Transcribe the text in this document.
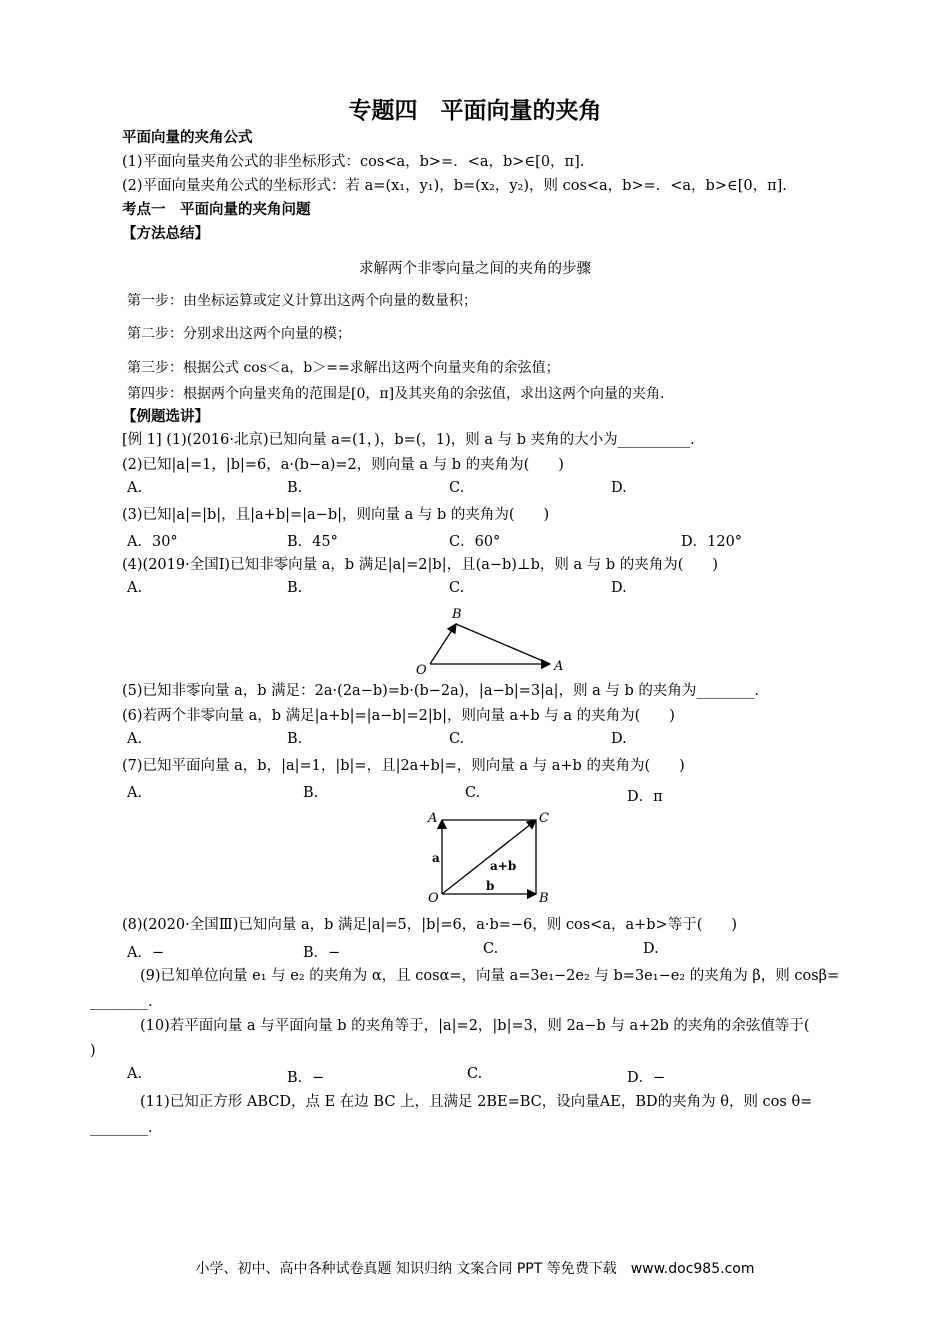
专题四　平面向量的夹角
平面向量的夹角公式
(1)平面向量夹角公式的非坐标形式：cos<a，b>=．<a，b>∈[0，π].
(2)平面向量夹角公式的坐标形式：若 a=(x₁，y₁)，b=(x₂，y₂)，则 cos<a，b>=．<a，b>∈[0，π].
考点一　平面向量的夹角问题
【方法总结】
求解两个非零向量之间的夹角的步骤
第一步：由坐标运算或定义计算出这两个向量的数量积；
第二步：分别求出这两个向量的模；
第三步：根据公式 cos＜a，b＞==求解出这两个向量夹角的余弦值；
第四步：根据两个向量夹角的范围是[0，π]及其夹角的余弦值，求出这两个向量的夹角.
【例题选讲】
[例 1] (1)(2016·北京)已知向量 a=(1，)，b=(，1)，则 a 与 b 夹角的大小为__________.
(2)已知|a|=1，|b|=6，a·(b−a)=2，则向量 a 与 b 的夹角为(　　)
A.	B.	C.	D.
(3)已知|a|=|b|，且|a+b|=|a−b|，则向量 a 与 b 的夹角为(　　)
A．30°	B．45°	C．60°	D．120°
(4)(2019·全国Ⅰ)已知非零向量 a，b 满足|a|=2|b|，且(a−b)⊥b，则 a 与 b 的夹角为(　　)
A.	B.	C.	D.
B
O	A
(5)已知非零向量 a，b 满足：2a·(2a−b)=b·(b−2a)，|a−b|=3|a|，则 a 与 b 的夹角为________.
(6)若两个非零向量 a，b 满足|a+b|=|a−b|=2|b|，则向量 a+b 与 a 的夹角为(　　)
A.	B.	C.	D.
(7)已知平面向量 a，b，|a|=1，|b|=，且|2a+b|=，则向量 a 与 a+b 的夹角为(　　)
A.	B.	C.	D．π
A	C
O	B
a
b
a+b
(8)(2020·全国Ⅲ)已知向量 a，b 满足|a|=5，|b|=6，a·b=−6，则 cos<a，a+b>等于(　　)
A．−	B．−	C.	D.
(9)已知单位向量 e₁ 与 e₂ 的夹角为 α，且 cosα=，向量 a=3e₁−2e₂ 与 b=3e₁−e₂ 的夹角为 β，则 cosβ=
________.
(10)若平面向量 a 与平面向量 b 的夹角等于，|a|=2，|b|=3，则 2a−b 与 a+2b 的夹角的余弦值等于(
)
A.	B．−	C.	D．−
(11)已知正方形 ABCD，点 E 在边 BC 上，且满足 2BE=BC，设向量AE，BD的夹角为 θ，则 cos θ=
________.
小学、初中、高中各种试卷真题 知识归纳 文案合同 PPT 等免费下载　www.doc985.com
